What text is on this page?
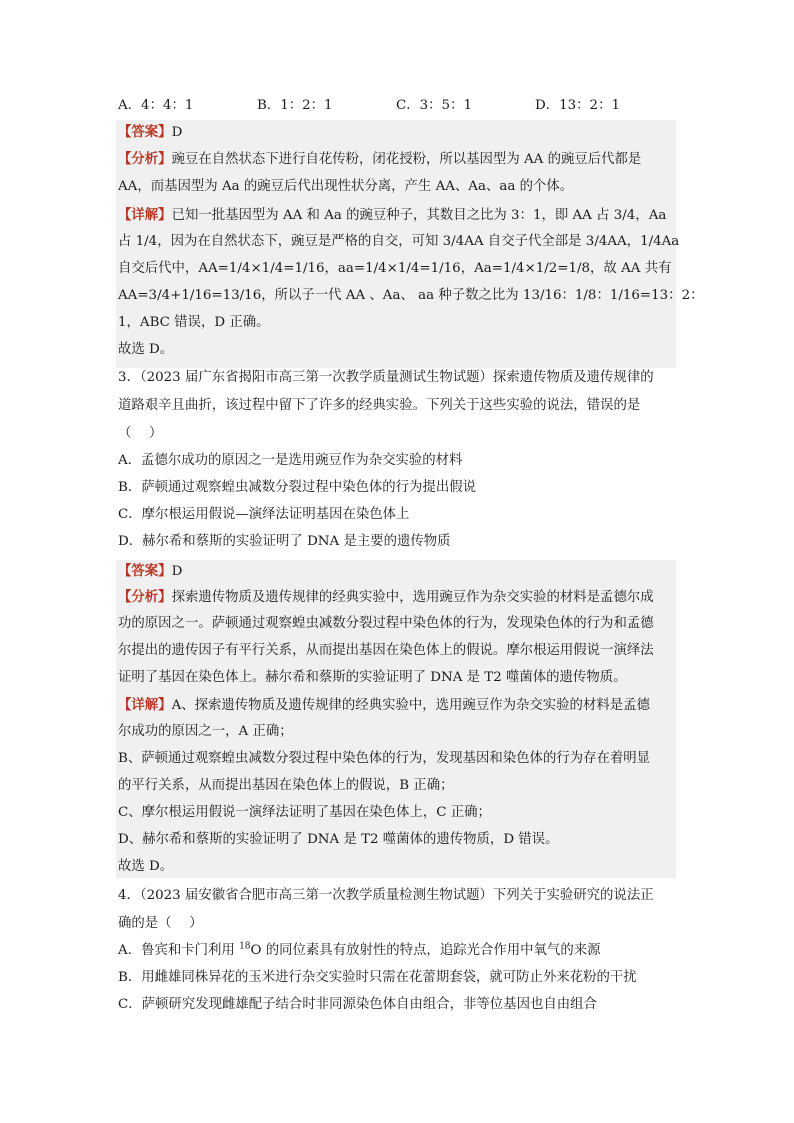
A．4：4：1	B．1：2：1	C．3：5：1	D．13：2：1
【答案】D
【分析】豌豆在自然状态下进行自花传粉，闭花授粉，所以基因型为 AA 的豌豆后代都是
AA，而基因型为 Aa 的豌豆后代出现性状分离，产生 AA、Aa、aa 的个体。
【详解】已知一批基因型为 AA 和 Aa 的豌豆种子，其数目之比为 3：1，即 AA 占 3/4，Aa
占 1/4，因为在自然状态下，豌豆是严格的自交，可知 3/4AA 自交子代全部是 3/4AA，1/4Aa
自交后代中，AA=1/4×1/4=1/16，aa=1/4×1/4=1/16，Aa=1/4×1/2=1/8，故 AA 共有
AA=3/4+1/16=13/16，所以子一代 AA 、Aa、 aa 种子数之比为 13/16：1/8：1/16=13：2：
1，ABC 错误，D 正确。
故选 D。
3．（2023 届广东省揭阳市高三第一次教学质量测试生物试题）探索遗传物质及遗传规律的
道路艰辛且曲折，该过程中留下了许多的经典实验。下列关于这些实验的说法，错误的是
（　 ）
A．孟德尔成功的原因之一是选用豌豆作为杂交实验的材料
B．萨顿通过观察蝗虫减数分裂过程中染色体的行为提出假说
C．摩尔根运用假说—演绎法证明基因在染色体上
D．赫尔希和蔡斯的实验证明了 DNA 是主要的遗传物质
【答案】D
【分析】探索遗传物质及遗传规律的经典实验中，选用豌豆作为杂交实验的材料是孟德尔成
功的原因之一。萨顿通过观察蝗虫减数分裂过程中染色体的行为，发现染色体的行为和孟德
尔提出的遗传因子有平行关系，从而提出基因在染色体上的假说。摩尔根运用假说一演绎法
证明了基因在染色体上。赫尔希和蔡斯的实验证明了 DNA 是 T2 噬菌体的遗传物质。
【详解】A、探索遗传物质及遗传规律的经典实验中，选用豌豆作为杂交实验的材料是孟德
尔成功的原因之一，A 正确；
B、萨顿通过观察蝗虫减数分裂过程中染色体的行为，发现基因和染色体的行为存在着明显
的平行关系，从而提出基因在染色体上的假说，B 正确；
C、摩尔根运用假说一演绎法证明了基因在染色体上，C 正确；
D、赫尔希和蔡斯的实验证明了 DNA 是 T2 噬菌体的遗传物质，D 错误。
故选 D。
4．（2023 届安徽省合肥市高三第一次教学质量检测生物试题）下列关于实验研究的说法正
确的是（　 ）
A．鲁宾和卡门利用 $^{18}$O 的同位素具有放射性的特点，追踪光合作用中氧气的来源
B．用雌雄同株异花的玉米进行杂交实验时只需在花蕾期套袋，就可防止外来花粉的干扰
C．萨顿研究发现雌雄配子结合时非同源染色体自由组合，非等位基因也自由组合
